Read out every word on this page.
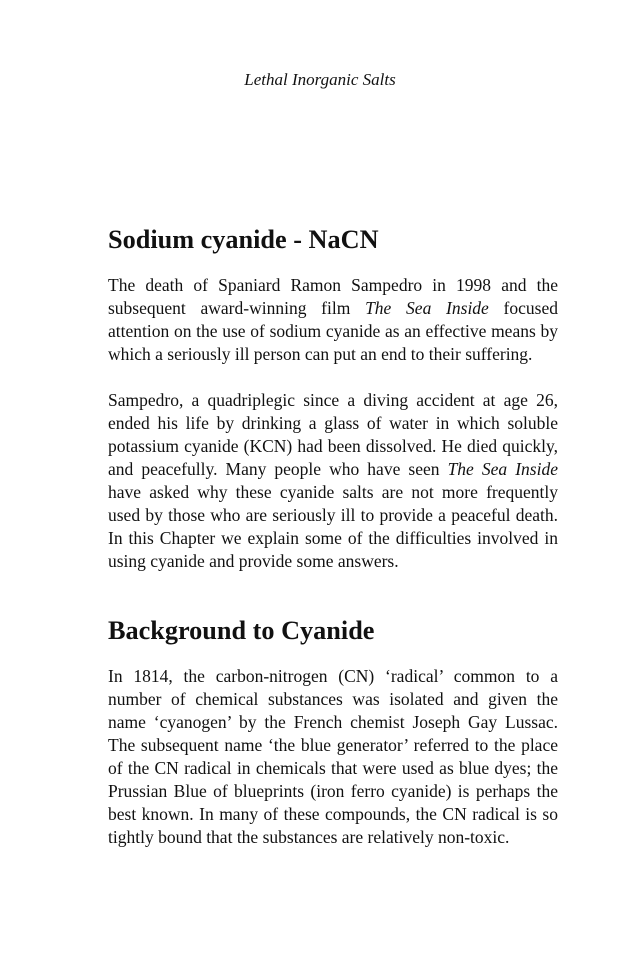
Lethal Inorganic Salts
Sodium cyanide - NaCN

The death of Spaniard Ramon Sampedro in 1998 and the subsequent award-winning film The Sea Inside focused attention on the use of sodium cyanide as an effective means by which a seriously ill person can put an end to their suffering.

Sampedro, a quadriplegic since a diving accident at age 26, ended his life by drinking a glass of water in which soluble potassium cyanide (KCN) had been dissolved. He died quickly, and peacefully. Many people who have seen The Sea Inside have asked why these cyanide salts are not more frequently used by those who are seriously ill to provide a peaceful death. In this Chapter we explain some of the difficulties involved in using cyanide and provide some answers.

Background to Cyanide

In 1814, the carbon-nitrogen (CN) ‘radical’ common to a number of chemical substances was isolated and given the name ‘cyanogen’ by the French chemist Joseph Gay Lussac. The subsequent name ‘the blue generator’ referred to the place of the CN radical in chemicals that were used as blue dyes; the Prussian Blue of blueprints (iron ferro cyanide) is perhaps the best known. In many of these compounds, the CN radical is so tightly bound that the substances are relatively non-toxic.
